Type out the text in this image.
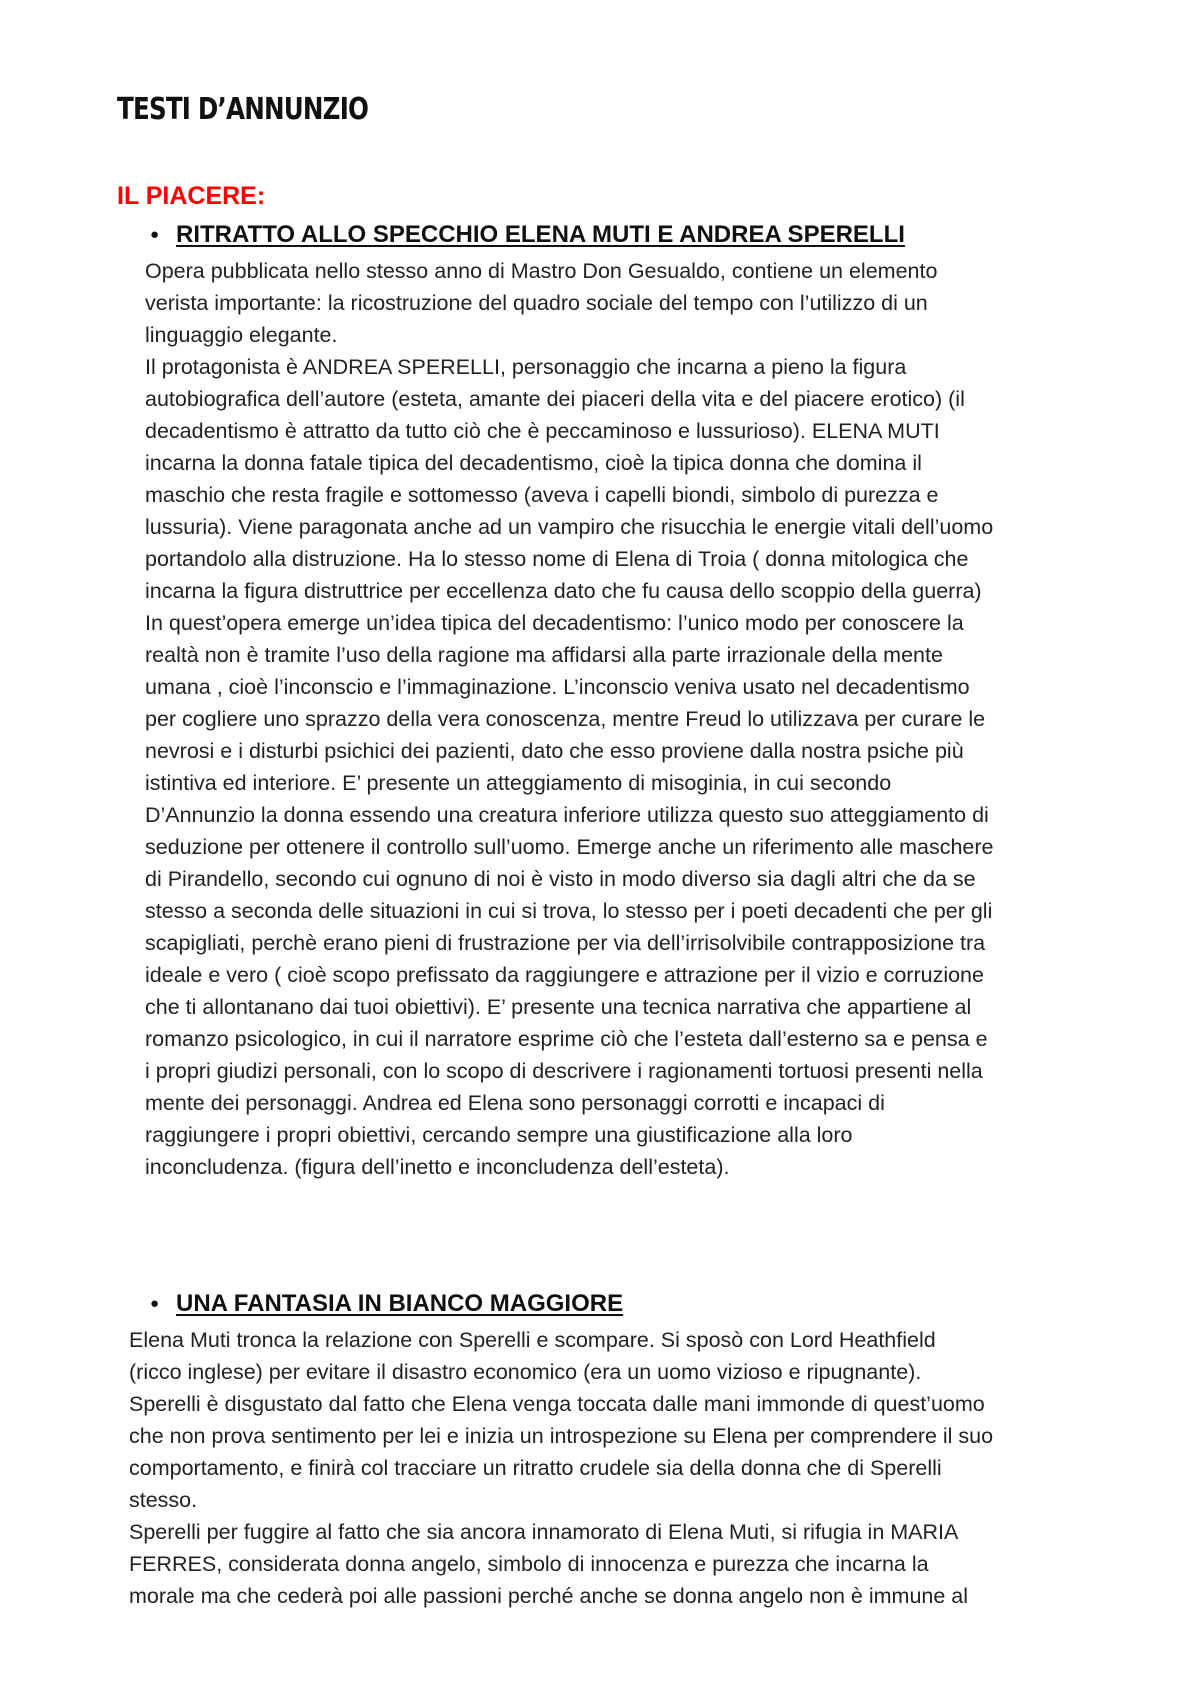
TESTI D’ANNUNZIO
IL PIACERE:
● RITRATTO ALLO SPECCHIO ELENA MUTI E ANDREA SPERELLI
Opera pubblicata nello stesso anno di Mastro Don Gesualdo, contiene un elemento
verista importante: la ricostruzione del quadro sociale del tempo con l’utilizzo di un
linguaggio elegante.
Il protagonista è ANDREA SPERELLI, personaggio che incarna a pieno la figura
autobiografica dell’autore (esteta, amante dei piaceri della vita e del piacere erotico) (il
decadentismo è attratto da tutto ciò che è peccaminoso e lussurioso). ELENA MUTI
incarna la donna fatale tipica del decadentismo, cioè la tipica donna che domina il
maschio che resta fragile e sottomesso (aveva i capelli biondi, simbolo di purezza e
lussuria). Viene paragonata anche ad un vampiro che risucchia le energie vitali dell’uomo
portandolo alla distruzione. Ha lo stesso nome di Elena di Troia ( donna mitologica che
incarna la figura distruttrice per eccellenza dato che fu causa dello scoppio della guerra)
In quest’opera emerge un’idea tipica del decadentismo: l’unico modo per conoscere la
realtà non è tramite l’uso della ragione ma affidarsi alla parte irrazionale della mente
umana , cioè l’inconscio e l’immaginazione. L’inconscio veniva usato nel decadentismo
per cogliere uno sprazzo della vera conoscenza, mentre Freud lo utilizzava per curare le
nevrosi e i disturbi psichici dei pazienti, dato che esso proviene dalla nostra psiche più
istintiva ed interiore. E’ presente un atteggiamento di misoginia, in cui secondo
D’Annunzio la donna essendo una creatura inferiore utilizza questo suo atteggiamento di
seduzione per ottenere il controllo sull’uomo. Emerge anche un riferimento alle maschere
di Pirandello, secondo cui ognuno di noi è visto in modo diverso sia dagli altri che da se
stesso a seconda delle situazioni in cui si trova, lo stesso per i poeti decadenti che per gli
scapigliati, perchè erano pieni di frustrazione per via dell’irrisolvibile contrapposizione tra
ideale e vero ( cioè scopo prefissato da raggiungere e attrazione per il vizio e corruzione
che ti allontanano dai tuoi obiettivi). E’ presente una tecnica narrativa che appartiene al
romanzo psicologico, in cui il narratore esprime ciò che l’esteta dall’esterno sa e pensa e
i propri giudizi personali, con lo scopo di descrivere i ragionamenti tortuosi presenti nella
mente dei personaggi. Andrea ed Elena sono personaggi corrotti e incapaci di
raggiungere i propri obiettivi, cercando sempre una giustificazione alla loro
inconcludenza. (figura dell’inetto e inconcludenza dell’esteta).
● UNA FANTASIA IN BIANCO MAGGIORE
Elena Muti tronca la relazione con Sperelli e scompare. Si sposò con Lord Heathfield
(ricco inglese) per evitare il disastro economico (era un uomo vizioso e ripugnante).
Sperelli è disgustato dal fatto che Elena venga toccata dalle mani immonde di quest’uomo
che non prova sentimento per lei e inizia un introspezione su Elena per comprendere il suo
comportamento, e finirà col tracciare un ritratto crudele sia della donna che di Sperelli
stesso.
Sperelli per fuggire al fatto che sia ancora innamorato di Elena Muti, si rifugia in MARIA
FERRES, considerata donna angelo, simbolo di innocenza e purezza che incarna la
morale ma che cederà poi alle passioni perché anche se donna angelo non è immune al
